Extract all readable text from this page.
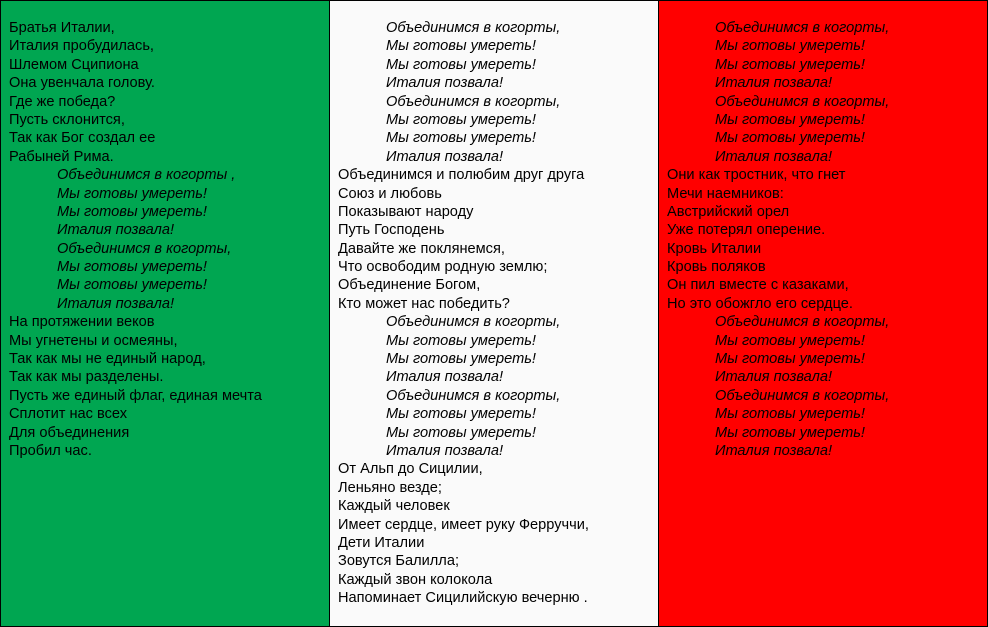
Братья Италии,
Италия пробудилась,
Шлемом Сципиона
Она увенчала голову.
Где же победа?
Пусть склонится,
Так как Бог создал ее
Рабыней Рима.
Объединимся в когорты ,
Мы готовы умереть!
Мы готовы умереть!
Италия позвала!
Объединимся в когорты,
Мы готовы умереть!
Мы готовы умереть!
Италия позвала!
На протяжении веков
Мы угнетены и осмеяны,
Так как мы не единый народ,
Так как мы разделены.
Пусть же единый флаг, единая мечта
Сплотит нас всех
Для объединения
Пробил час.
Объединимся в когорты,
Мы готовы умереть!
Мы готовы умереть!
Италия позвала!
Объединимся в когорты,
Мы готовы умереть!
Мы готовы умереть!
Италия позвала!
Объединимся и полюбим друг друга
Союз и любовь
Показывают народу
Путь Господень
Давайте же поклянемся,
Что освободим родную землю;
Объединение Богом,
Кто может нас победить?
Объединимся в когорты,
Мы готовы умереть!
Мы готовы умереть!
Италия позвала!
Объединимся в когорты,
Мы готовы умереть!
Мы готовы умереть!
Италия позвала!
От Альп до Сицилии,
Леньяно везде;
Каждый человек
Имеет сердце, имеет руку Ферруччи,
Дети Италии
Зовутся Балилла;
Каждый звон колокола
Напоминает Сицилийскую вечерню .
Объединимся в когорты,
Мы готовы умереть!
Мы готовы умереть!
Италия позвала!
Объединимся в когорты,
Мы готовы умереть!
Мы готовы умереть!
Италия позвала!
Они как тростник, что гнет
Мечи наемников:
Австрийский орел
Уже потерял оперение.
Кровь Италии
Кровь поляков
Он пил вместе с казаками,
Но это обожгло его сердце.
Объединимся в когорты,
Мы готовы умереть!
Мы готовы умереть!
Италия позвала!
Объединимся в когорты,
Мы готовы умереть!
Мы готовы умереть!
Италия позвала!
